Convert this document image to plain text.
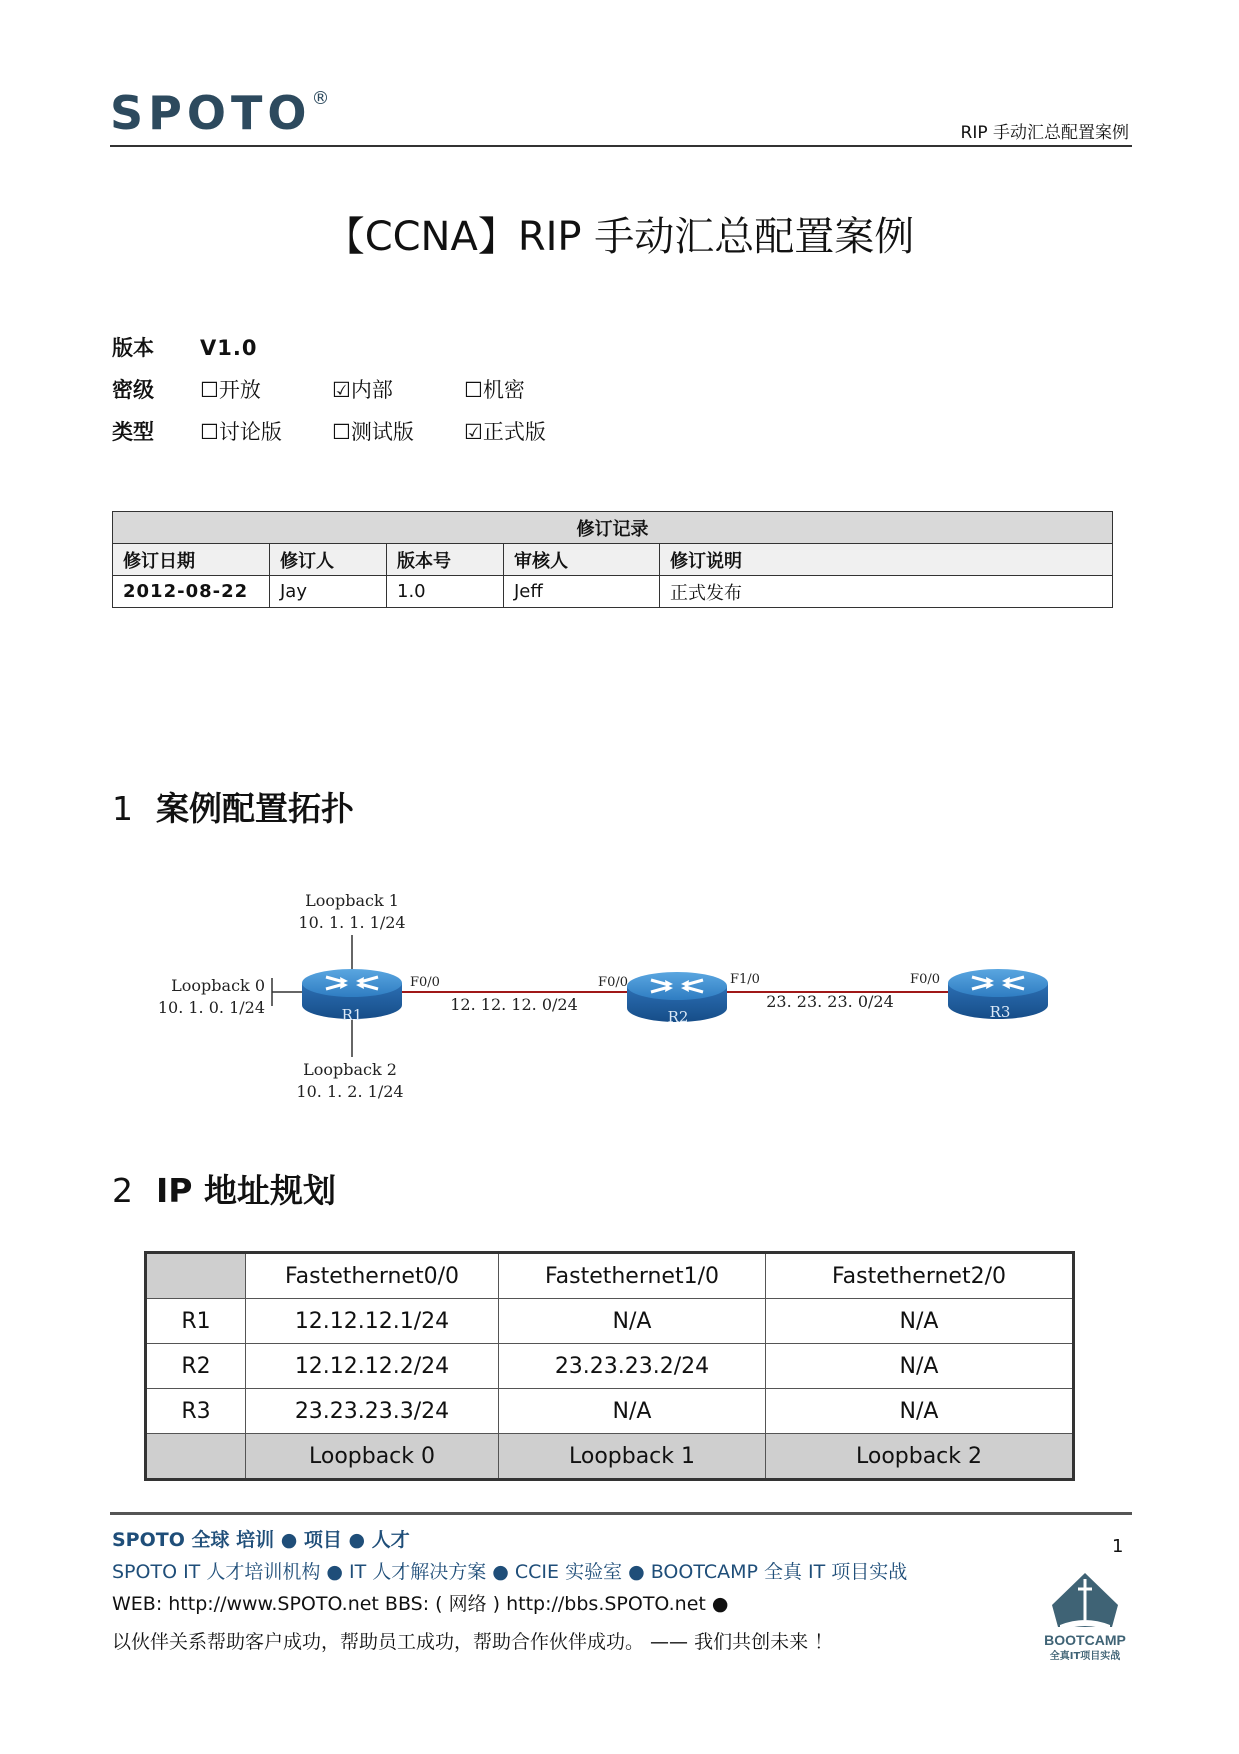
SPOTO®
RIP 手动汇总配置案例
【CCNA】RIP 手动汇总配置案例
版本 V1.0
密级 ☐开放	☑内部	☐机密
类型 ☐讨论版 ☐测试版 ☑正式版
修订记录				
修订日期	修订人	版本号	审核人	修订说明
2012-08-22	Jay	1.0	Jeff	正式发布
1 案例配置拓扑
R1	R2	R3
Loopback 1
10. 1. 1. 1/24
Loopback 0
10. 1. 0. 1/24
Loopback 2
10. 1. 2. 1/24
F0/0	F0/0	F1/0	F0/0
12. 12. 12. 0/24	23. 23. 23. 0/24
2 IP 地址规划
	Fastethernet0/0	Fastethernet1/0	Fastethernet2/0
R1	12.12.12.1/24	N/A	N/A
R2	12.12.12.2/24	23.23.23.2/24	N/A
R3	23.23.23.3/24	N/A	N/A
	Loopback 0	Loopback 1	Loopback 2
SPOTO 全球 培训 ● 项目 ● 人才
SPOTO IT 人才培训机构 ● IT 人才解决方案 ● CCIE 实验室 ● BOOTCAMP 全真 IT 项目实战
WEB: http://www.SPOTO.net BBS: ( 网络 ) http://bbs.SPOTO.net ●
以伙伴关系帮助客户成功，帮助员工成功，帮助合作伙伴成功。 —— 我们共创未来 ！
1
BOOTCAMP
全真IT项目实战
